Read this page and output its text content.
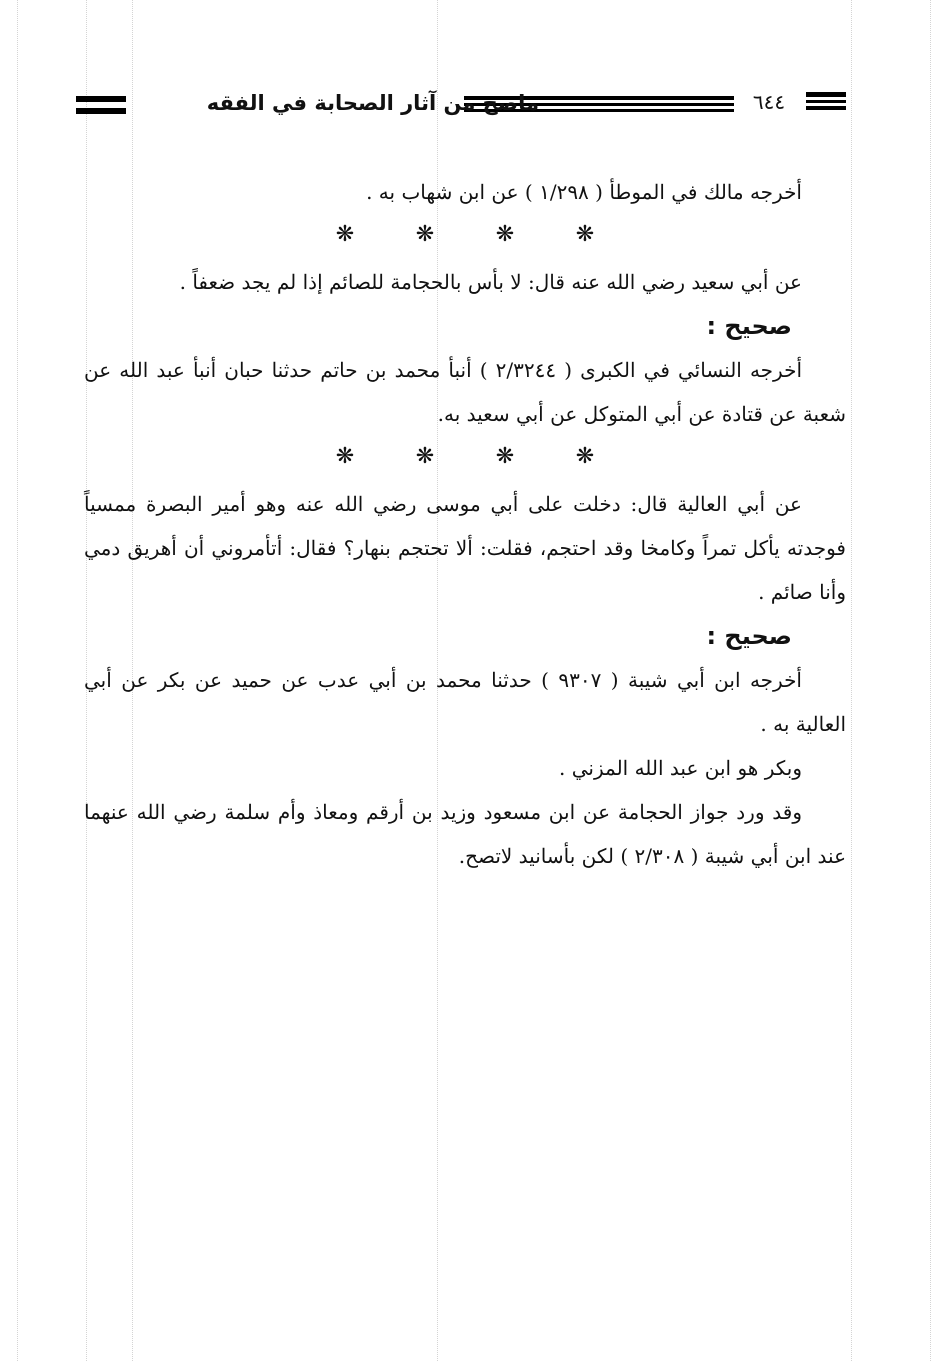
ماصح من آثار الصحابة في الفقه	٦٤٤

أخرجه مالك في الموطأ ( ١/٢٩٨ ) عن ابن شهاب به .

❋	❋	❋	❋

عن أبي سعيد رضي الله عنه قال: لا بأس بالحجامة للصائم إذا لم يجد ضعفاً .

صحيح :

أخرجه النسائي في الكبرى ( ٢/٣٢٤٤ ) أنبأ محمد بن حاتم حدثنا حبان أنبأ عبد الله عن شعبة عن قتادة عن أبي المتوكل عن أبي سعيد به.

❋	❋	❋	❋

عن أبي العالية قال: دخلت على أبي موسى رضي الله عنه وهو أمير البصرة ممسياً فوجدته يأكل تمراً وكامخا وقد احتجم، فقلت: ألا تحتجم بنهار؟ فقال: أتأمروني أن أهريق دمي وأنا صائم .

صحيح :

أخرجه ابن أبي شيبة ( ٩٣٠٧ ) حدثنا محمد بن أبي عدب عن حميد عن بكر عن أبي العالية به .

وبكر هو ابن عبد الله المزني .

وقد ورد جواز الحجامة عن ابن مسعود وزيد بن أرقم ومعاذ وأم سلمة رضي الله عنهما عند ابن أبي شيبة ( ٢/٣٠٨ ) لكن بأسانيد لاتصح.
